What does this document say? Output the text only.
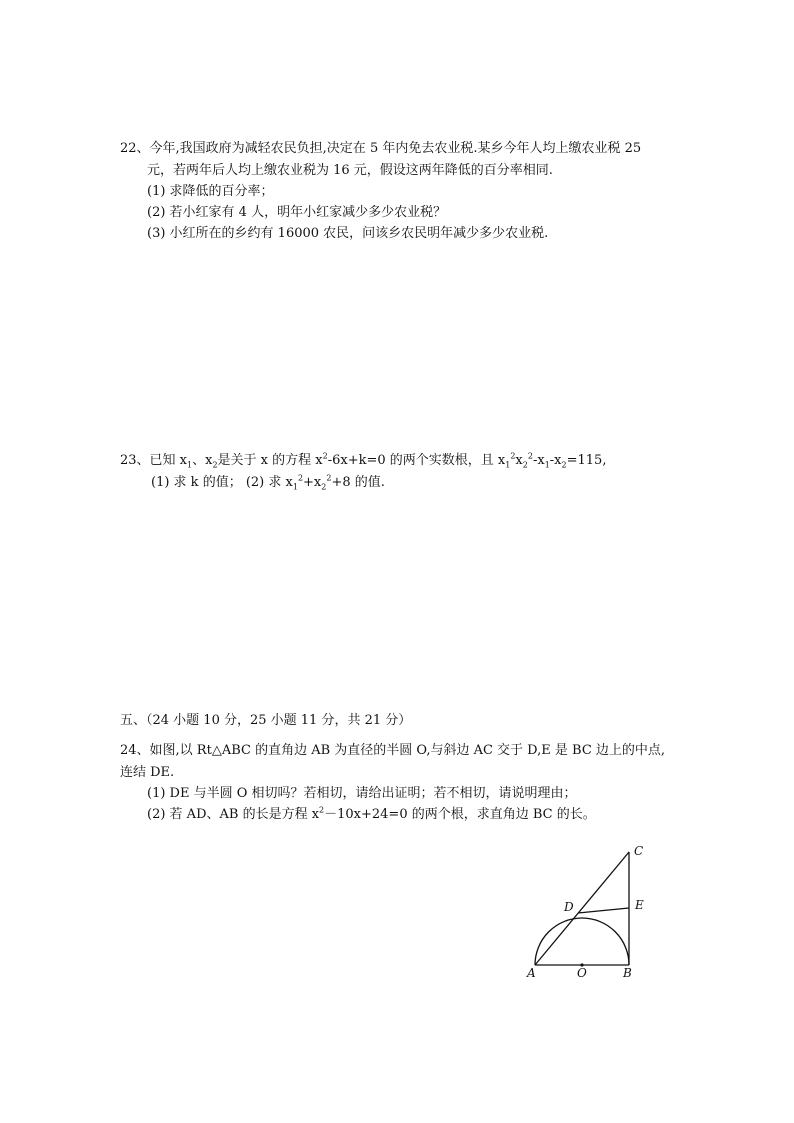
22、今年,我国政府为减轻农民负担,决定在 5 年内免去农业税.某乡今年人均上缴农业税 25
元，若两年后人均上缴农业税为 16 元，假设这两年降低的百分率相同.
(1) 求降低的百分率；
(2) 若小红家有 4 人，明年小红家减少多少农业税？
(3) 小红所在的乡约有 16000 农民，问该乡农民明年减少多少农业税.
23、已知 $x_1$、$x_2$是关于 x 的方程 $x^2-6x+k=0$ 的两个实数根，且 $x_1^2x_2^2-x_1-x_2=115$,
(1) 求 k 的值； (2) 求 $x_1^2+x_2^2+8$ 的值.
五、（24 小题 10 分，25 小题 11 分，共 21 分）
24、如图,以 Rt△ABC 的直角边 AB 为直径的半圆 O,与斜边 AC 交于 D,E 是 BC 边上的中点,
连结 DE.
(1) DE 与半圆 O 相切吗？若相切，请给出证明；若不相切，请说明理由；
(2) 若 AD、AB 的长是方程 $x^2-10x+24=0$ 的两个根，求直角边 BC 的长。
C
D	E
A	O	B
